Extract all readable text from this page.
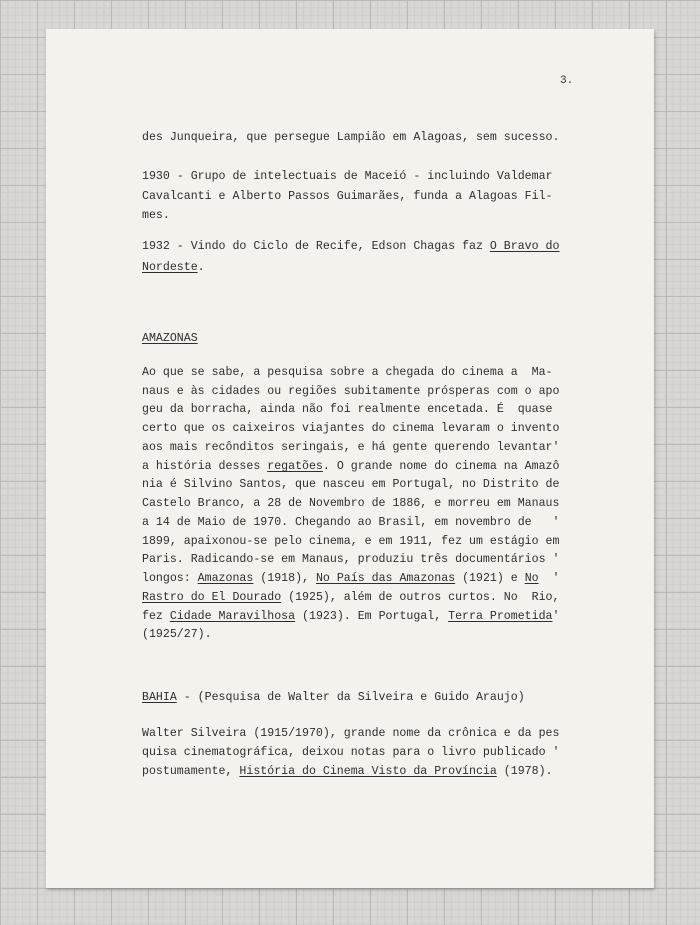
3.
des Junqueira, que persegue Lampião em Alagoas, sem sucesso.
1930 - Grupo de intelectuais de Maceió - incluindo Valdemar
Cavalcanti e Alberto Passos Guimarães, funda a Alagoas Fil-
mes.
1932 - Vindo do Ciclo de Recife, Edson Chagas faz O Bravo do
Nordeste.
AMAZONAS
Ao que se sabe, a pesquisa sobre a chegada do cinema a  Ma-
naus e às cidades ou regiões subitamente prósperas com o apo
geu da borracha, ainda não foi realmente encetada. É  quase
certo que os caixeiros viajantes do cinema levaram o invento
aos mais recônditos seringais, e há gente querendo levantar'
a história desses regatões. O grande nome do cinema na Amazô
nia é Silvino Santos, que nasceu em Portugal, no Distrito de
Castelo Branco, a 28 de Novembro de 1886, e morreu em Manaus
a 14 de Maio de 1970. Chegando ao Brasil, em novembro de   '
1899, apaixonou-se pelo cinema, e em 1911, fez um estágio em
Paris. Radicando-se em Manaus, produziu três documentários '
longos: Amazonas (1918), No País das Amazonas (1921) e No  '
Rastro do El Dourado (1925), além de outros curtos. No  Rio,
fez Cidade Maravilhosa (1923). Em Portugal, Terra Prometida'
(1925/27).
BAHIA - (Pesquisa de Walter da Silveira e Guido Araujo)
Walter Silveira (1915/1970), grande nome da crônica e da pes
quisa cinematográfica, deixou notas para o livro publicado '
postumamente, História do Cinema Visto da Província (1978).
